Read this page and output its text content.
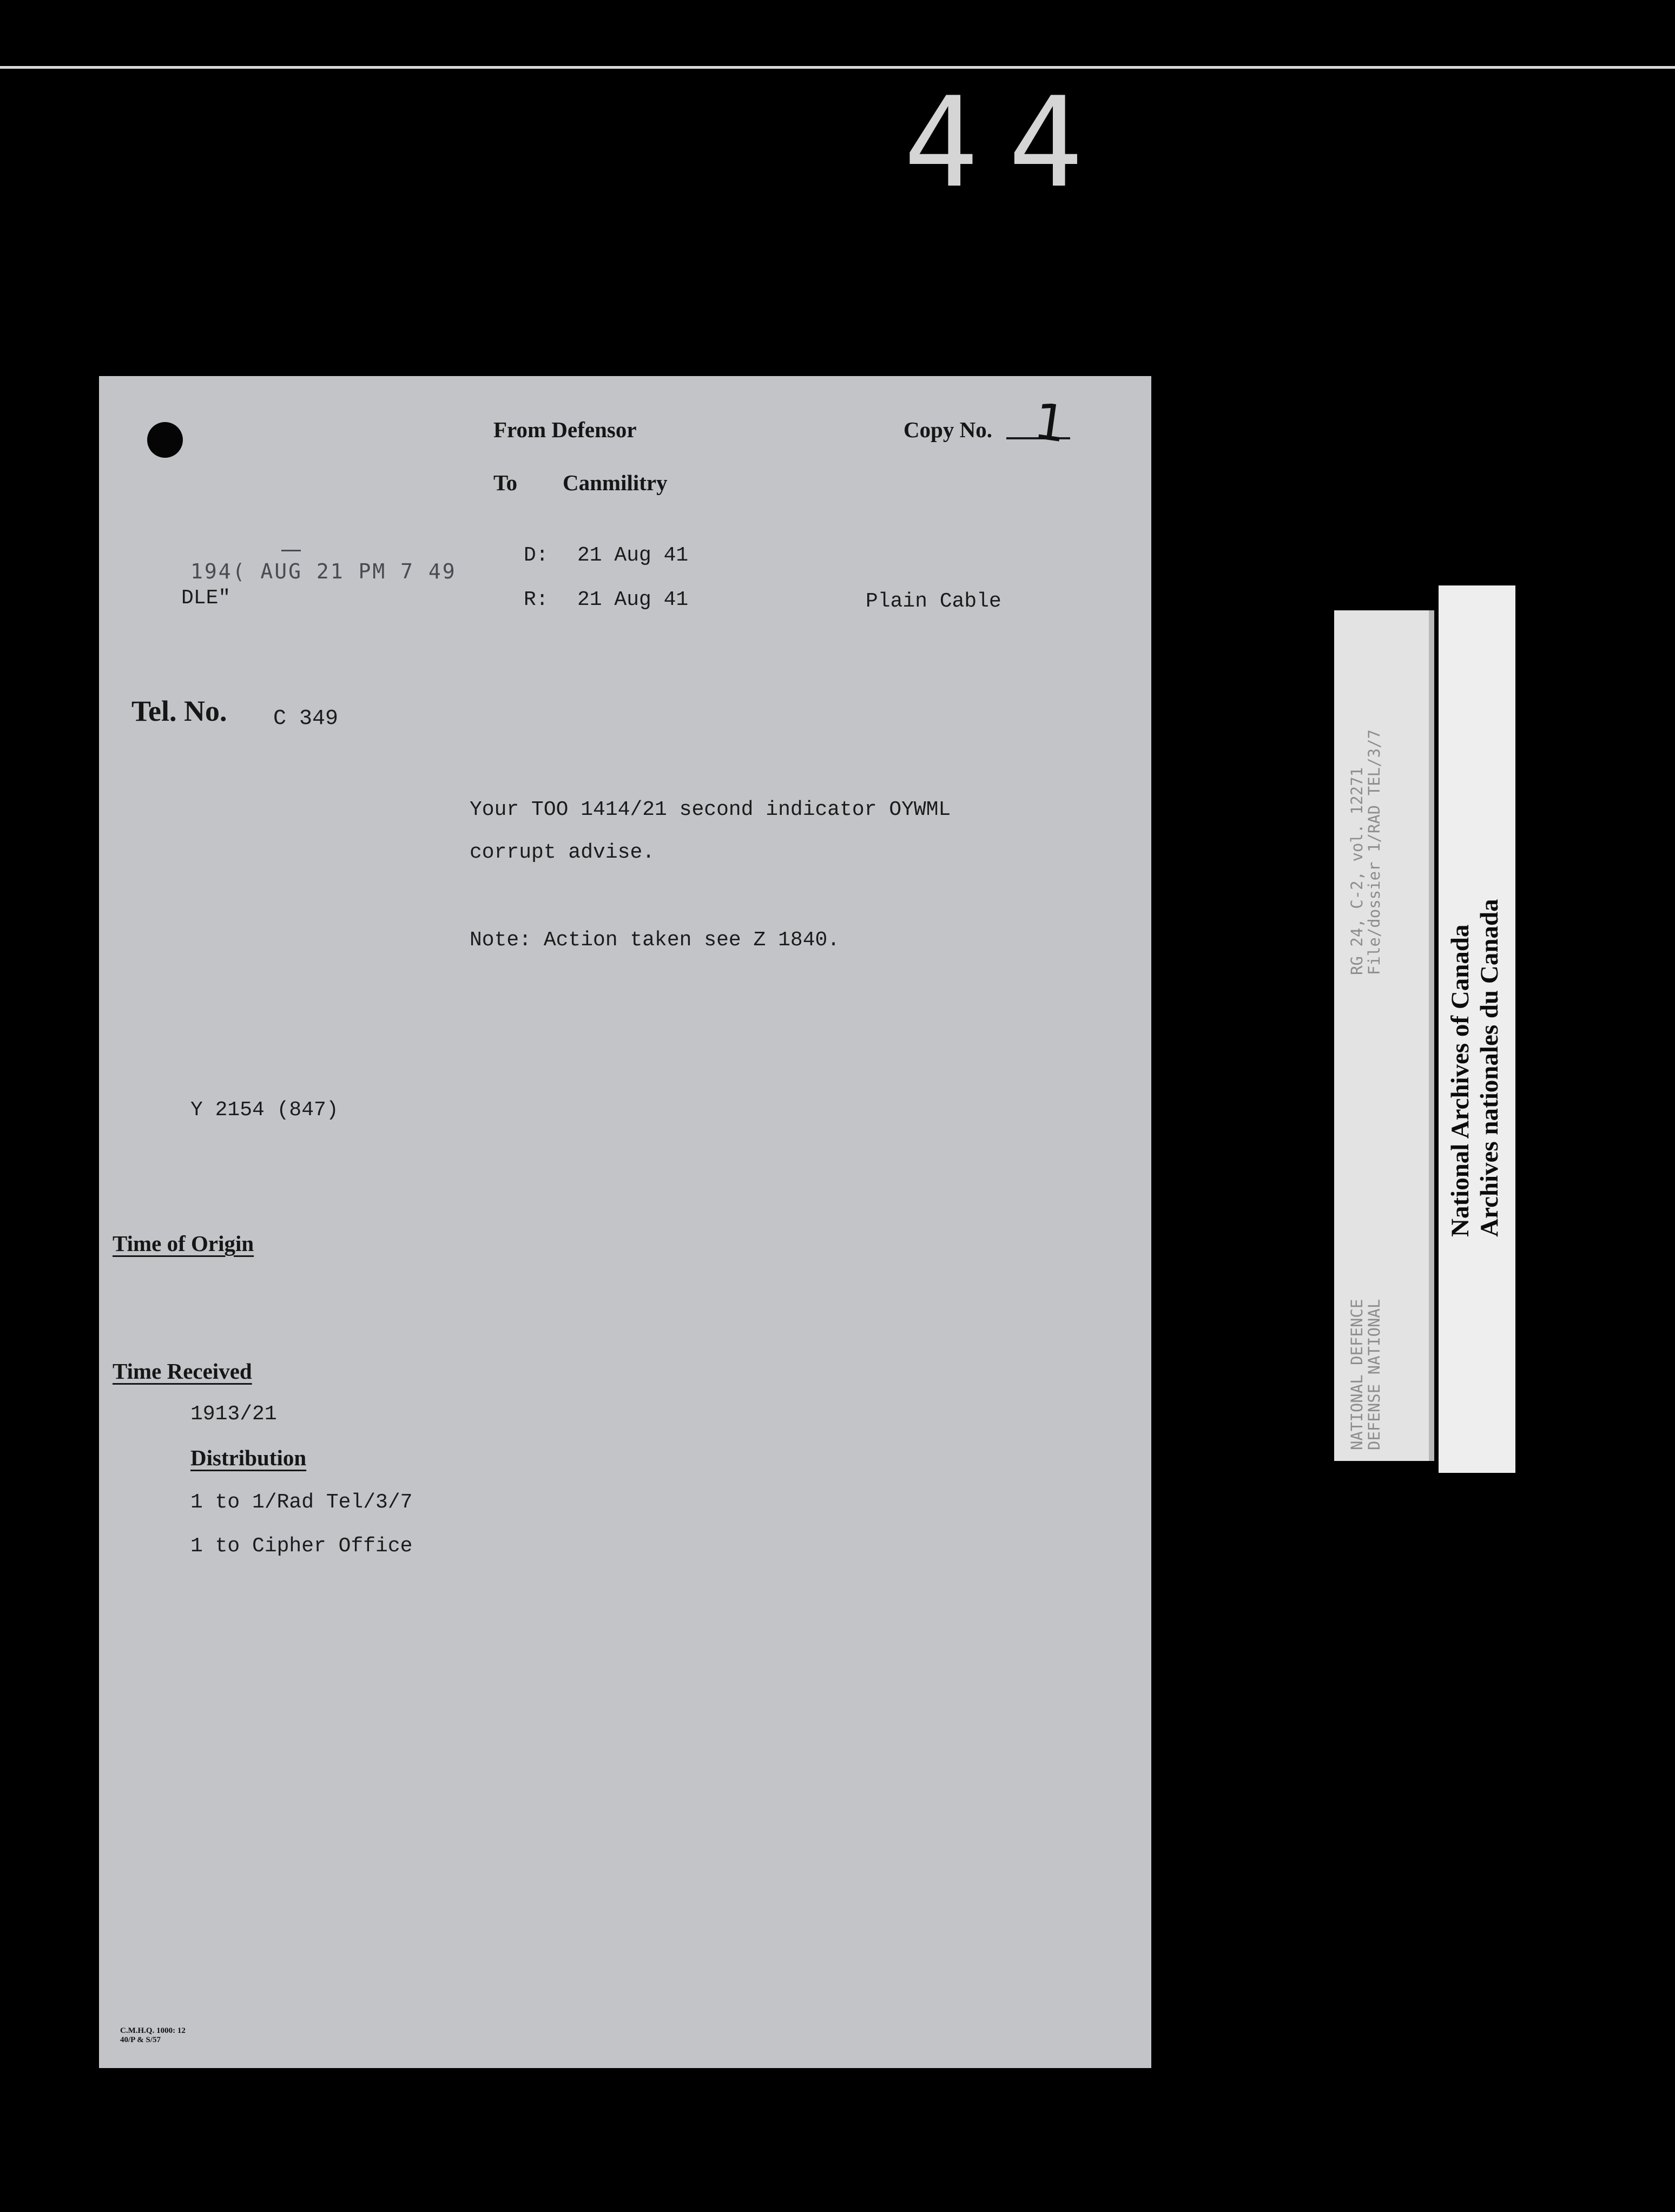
44
From Defensor
To Canmilitry
Copy No. 1
194( AUG 21 PM 7 49
DLE"
D: 21 Aug 41
R: 21 Aug 41	Plain Cable
Tel. No. C 349
Your TOO 1414/21 second indicator OYWML
corrupt advise.
Note: Action taken see Z 1840.
Y 2154 (847)
Time of Origin
Time Received
1913/21
Distribution
1 to 1/Rad Tel/3/7
1 to Cipher Office
C.M.H.Q. 1000: 12
40/P & S/57
RG 24, C-2, vol. 12271
File/dossier 1/RAD TEL/3/7
NATIONAL DEFENCE
DEFENSE NATIONAL
National Archives of Canada Archives nationales du Canada
